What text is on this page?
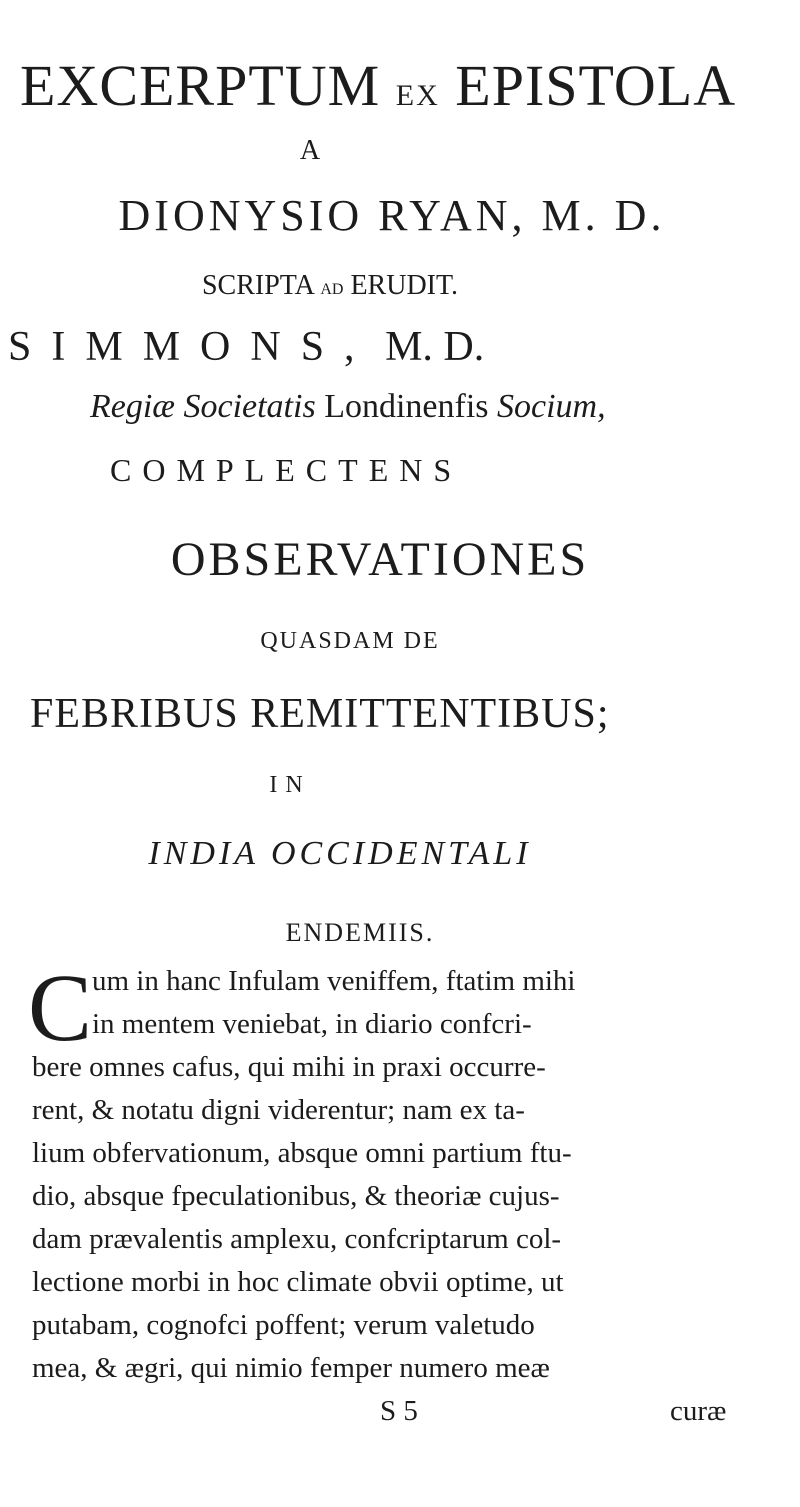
EXCERPTUM EX EPISTOLA
A
DIONYSIO RYAN, M. D.
SCRIPTA AD ERUDIT.
SIMMONS, M. D.
Regiæ Societatis Londinenfis Socium,
COMPLECTENS
OBSERVATIONES
QUASDAM DE
FEBRIBUS REMITTENTIBUS;
IN
INDIA OCCIDENTALI
ENDEMIIS.
C um in hanc Infulam veniffem, ftatim mihi
in mentem veniebat, in diario confcri-
bere omnes cafus, qui mihi in praxi occurre-
rent, & notatu digni viderentur; nam ex ta-
lium obfervationum, absque omni partium ftu-
dio, absque fpeculationibus, & theoriæ cujus-
dam prævalentis amplexu, confcriptarum col-
lectione morbi in hoc climate obvii optime, ut
putabam, cognofci poffent; verum valetudo
mea, & ægri, qui nimio femper numero meæ
S 5	curæ
